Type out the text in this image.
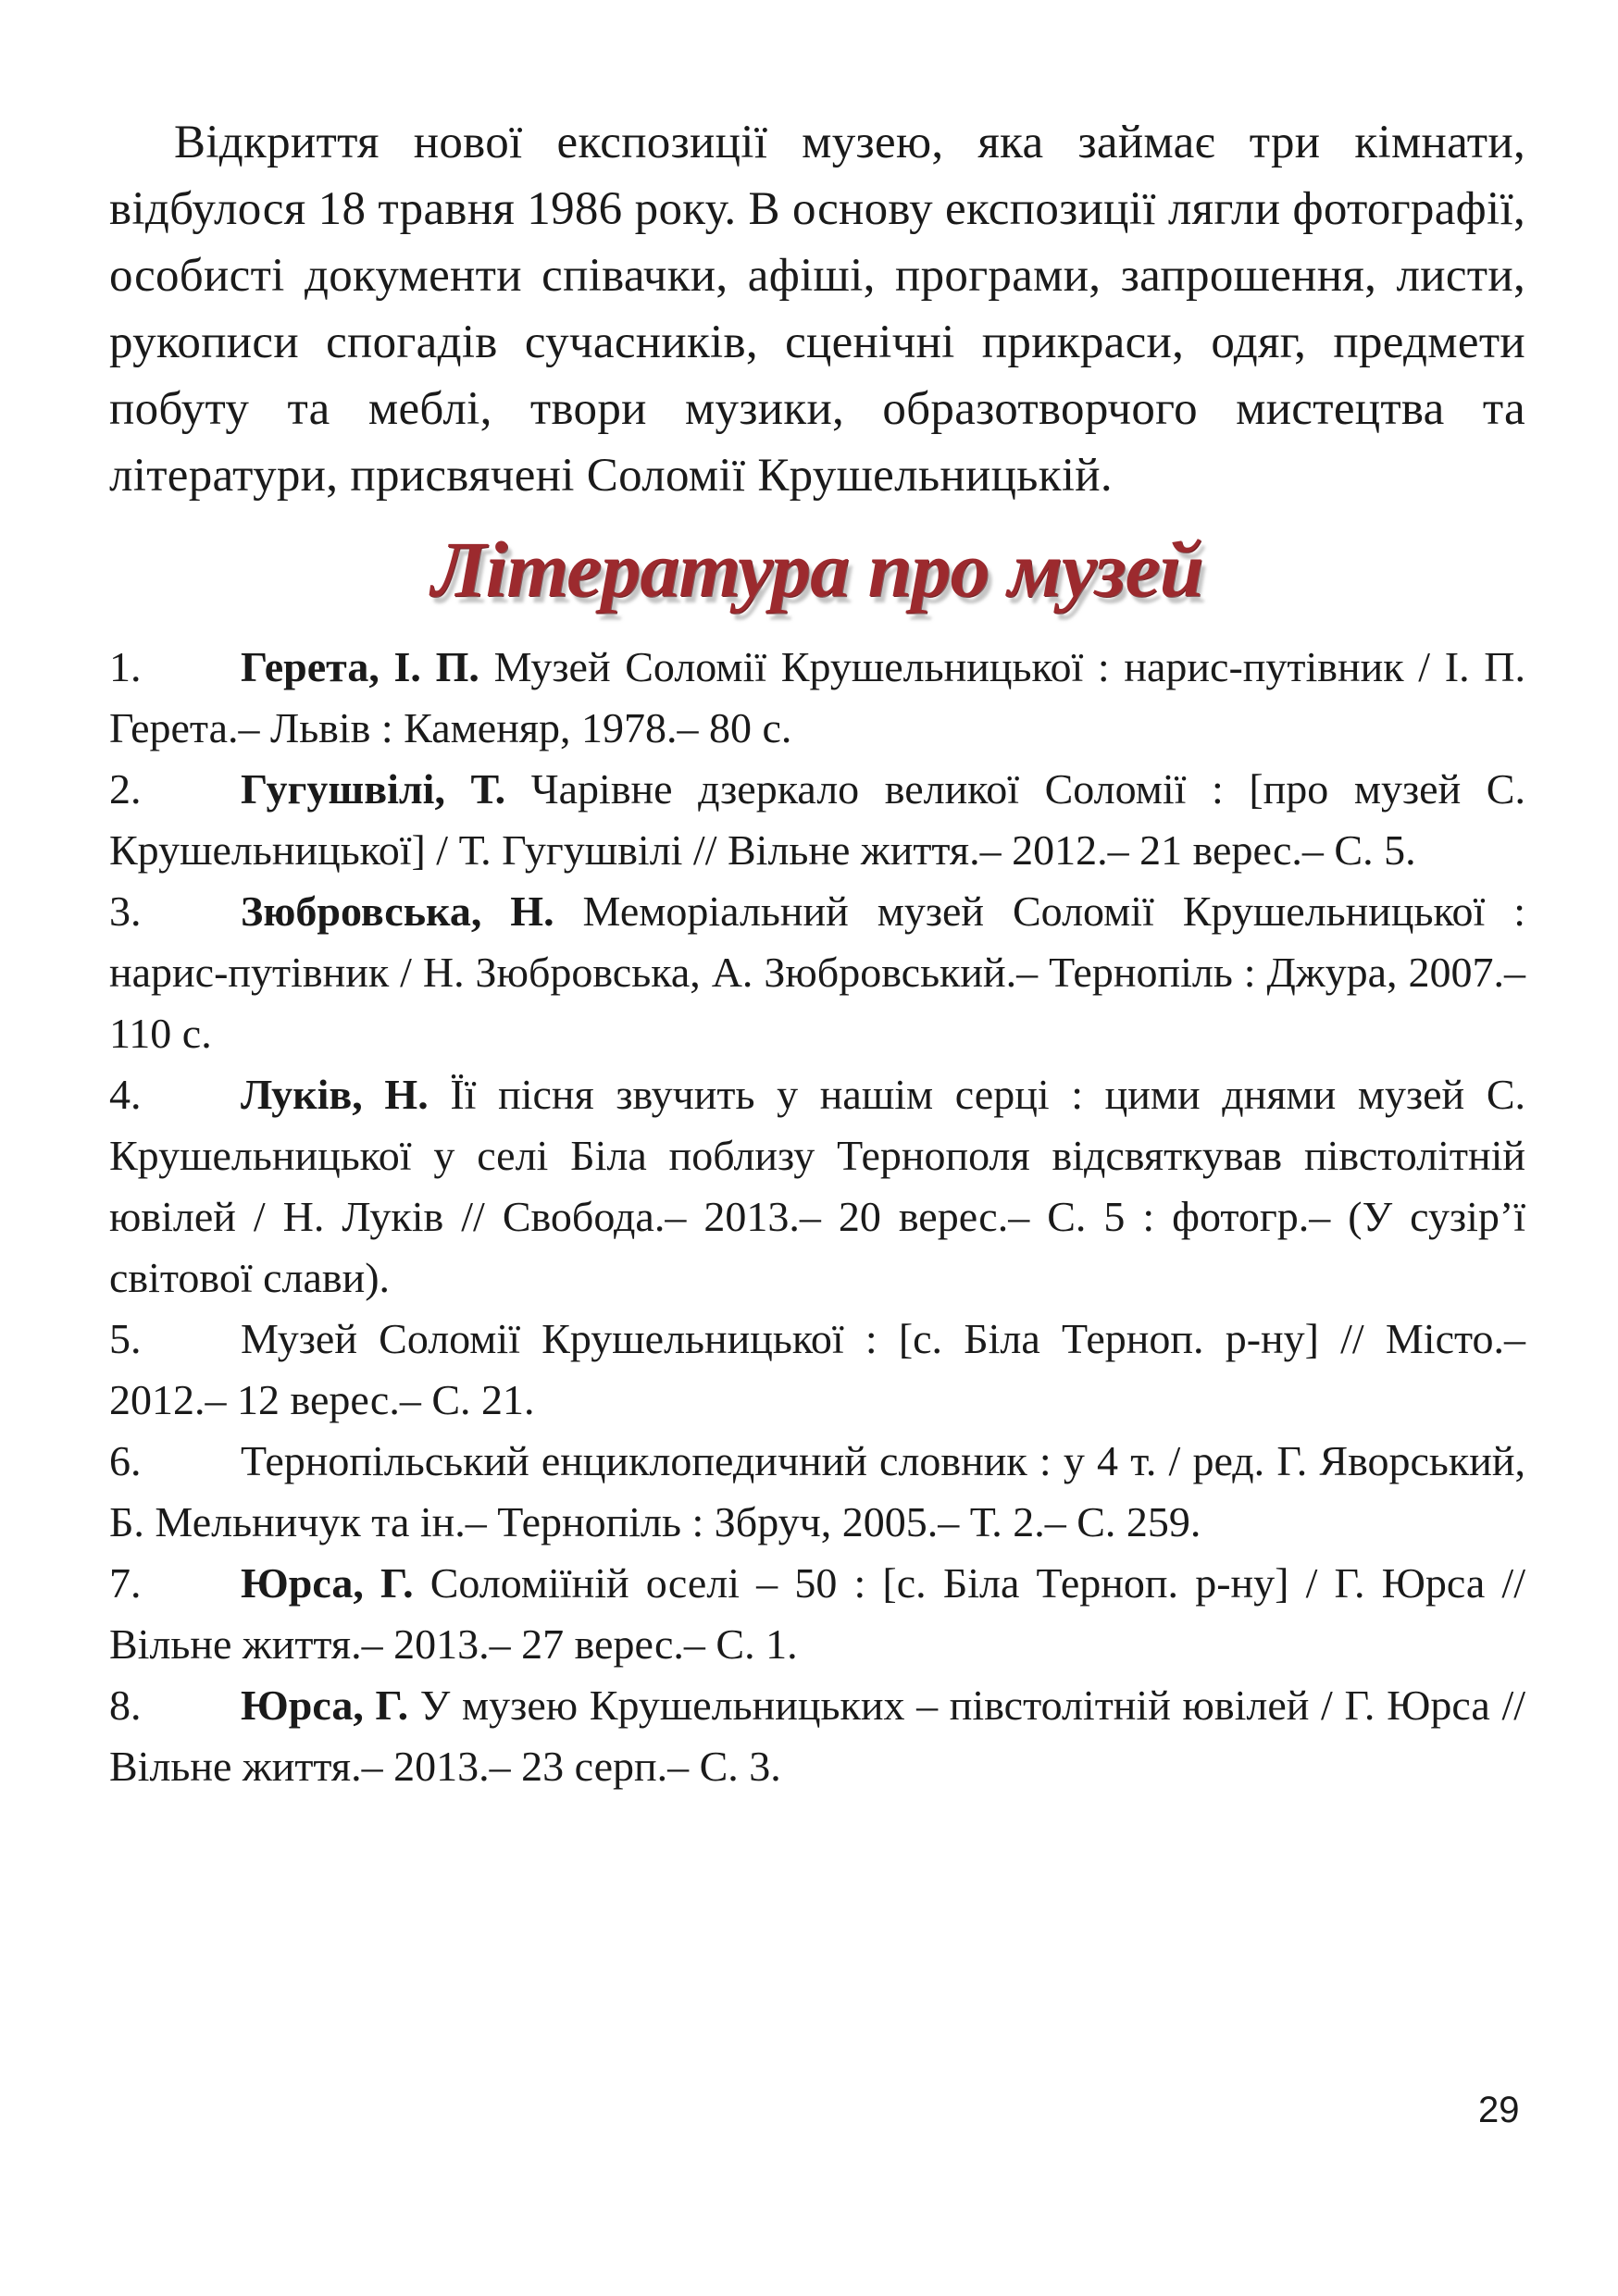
Відкриття нової експозиції музею, яка займає три кімнати, відбулося 18 травня 1986 року. В основу експозиції лягли фотографії, особисті документи співачки, афіші, програми, запрошення, листи, рукописи спогадів сучасників, сценічні прикраси, одяг, предмети побуту та меблі, твори музики, образотворчого мистецтва та літератури, присвячені Соломії Крушельницькій.

Література про музей
1. Герета, І. П. Музей Соломії Крушельницької : нарис-путівник / І. П. Герета.– Львів : Каменяр, 1978.– 80 с.
2. Гугушвілі, Т. Чарівне дзеркало великої Соломії : [про музей С. Крушельницької] / Т. Гугушвілі // Вільне життя.– 2012.– 21 верес.– С. 5.
3. Зюбровська, Н. Меморіальний музей Соломії Крушельницької : нарис-путівник / Н. Зюбровська, А. Зюбровський.– Тернопіль : Джура, 2007.– 110 с.
4. Луків, Н. Її пісня звучить у нашім серці : цими днями музей С. Крушельницької у селі Біла поблизу Тернополя відсвяткував півстолітній ювілей / Н. Луків // Свобода.– 2013.– 20 верес.– С. 5 : фотогр.– (У сузір’ї світової слави).
5. Музей Соломії Крушельницької : [с. Біла Терноп. р-ну] // Місто.– 2012.– 12 верес.– С. 21.
6. Тернопільський енциклопедичний словник : у 4 т. / ред. Г. Яворський, Б. Мельничук та ін.– Тернопіль : Збруч, 2005.– Т. 2.– С. 259.
7. Юрса, Г. Соломіїній оселі – 50 : [с. Біла Терноп. р-ну] / Г. Юрса // Вільне життя.– 2013.– 27 верес.– С. 1.
8. Юрса, Г. У музею Крушельницьких – півстолітній ювілей / Г. Юрса // Вільне життя.– 2013.– 23 серп.– С. 3.
29
